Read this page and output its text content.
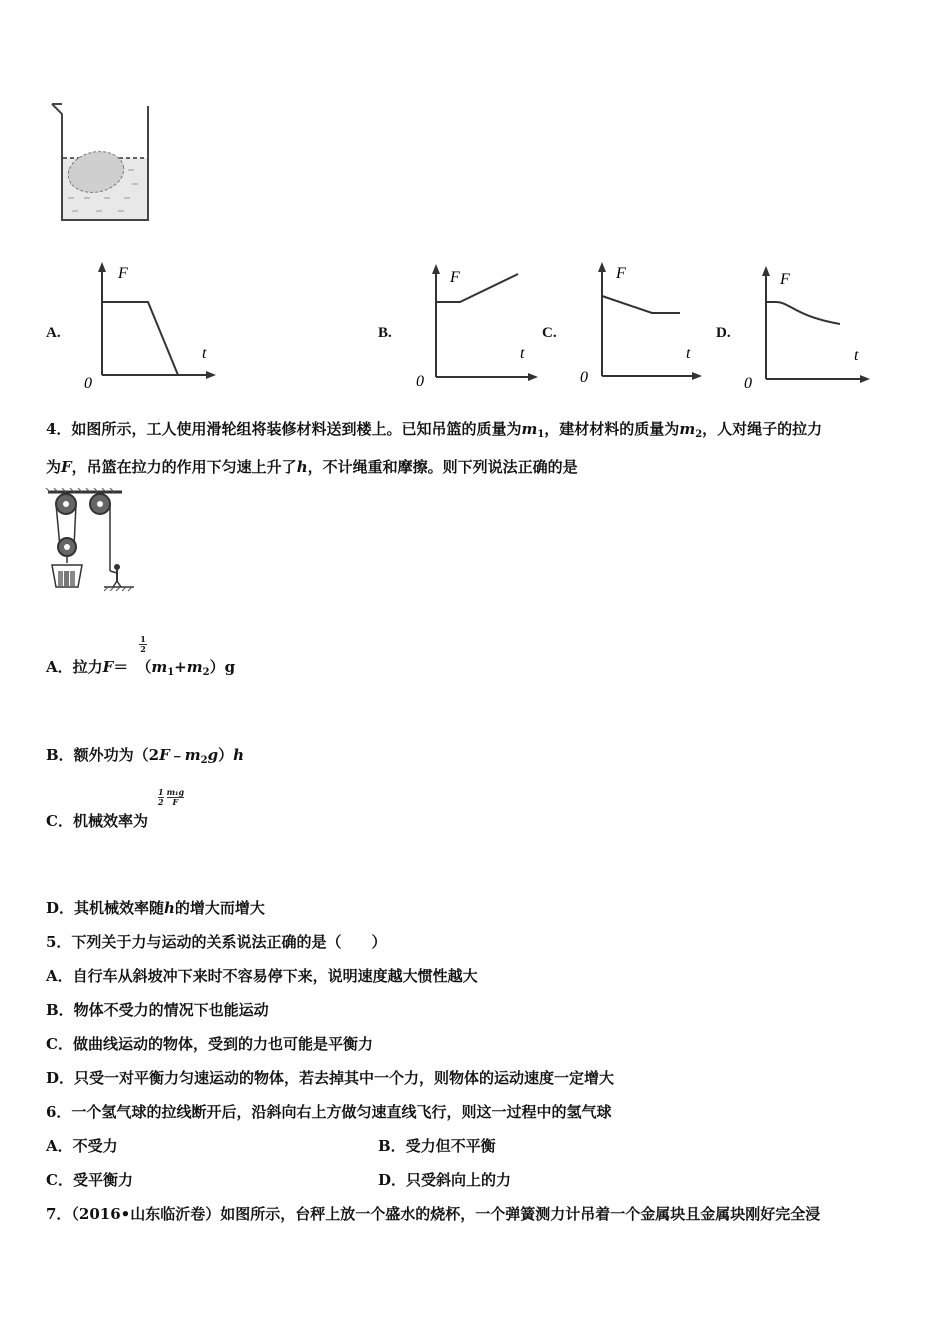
A.
F
t
0
B.
F
t
0
C.
F
t
0
D.
F
t
0
4．如图所示，工人使用滑轮组将装修材料送到楼上。已知吊篮的质量为$m_1$，建材材料的质量为$m_2$，人对绳子的拉力
为F，吊篮在拉力的作用下匀速上升了h，不计绳重和摩擦。则下列说法正确的是
$\frac{1}{2}$
A．拉力$F= (m_1+m_2)g$
B．额外功为$(2F﹣m_2g)h$
1
2
m₁g
F
C．机械效率为
D．其机械效率随h的增大而增大
5．下列关于力与运动的关系说法正确的是（　　）
A．自行车从斜坡冲下来时不容易停下来，说明速度越大惯性越大
B．物体不受力的情况下也能运动
C．做曲线运动的物体，受到的力也可能是平衡力
D．只受一对平衡力匀速运动的物体，若去掉其中一个力，则物体的运动速度一定增大
6．一个氢气球的拉线断开后，沿斜向右上方做匀速直线飞行，则这一过程中的氢气球
A．不受力	B．受力但不平衡
C．受平衡力	D．只受斜向上的力
7．（2016•山东临沂卷）如图所示，台秤上放一个盛水的烧杯，一个弹簧测力计吊着一个金属块且金属块刚好完全浸
